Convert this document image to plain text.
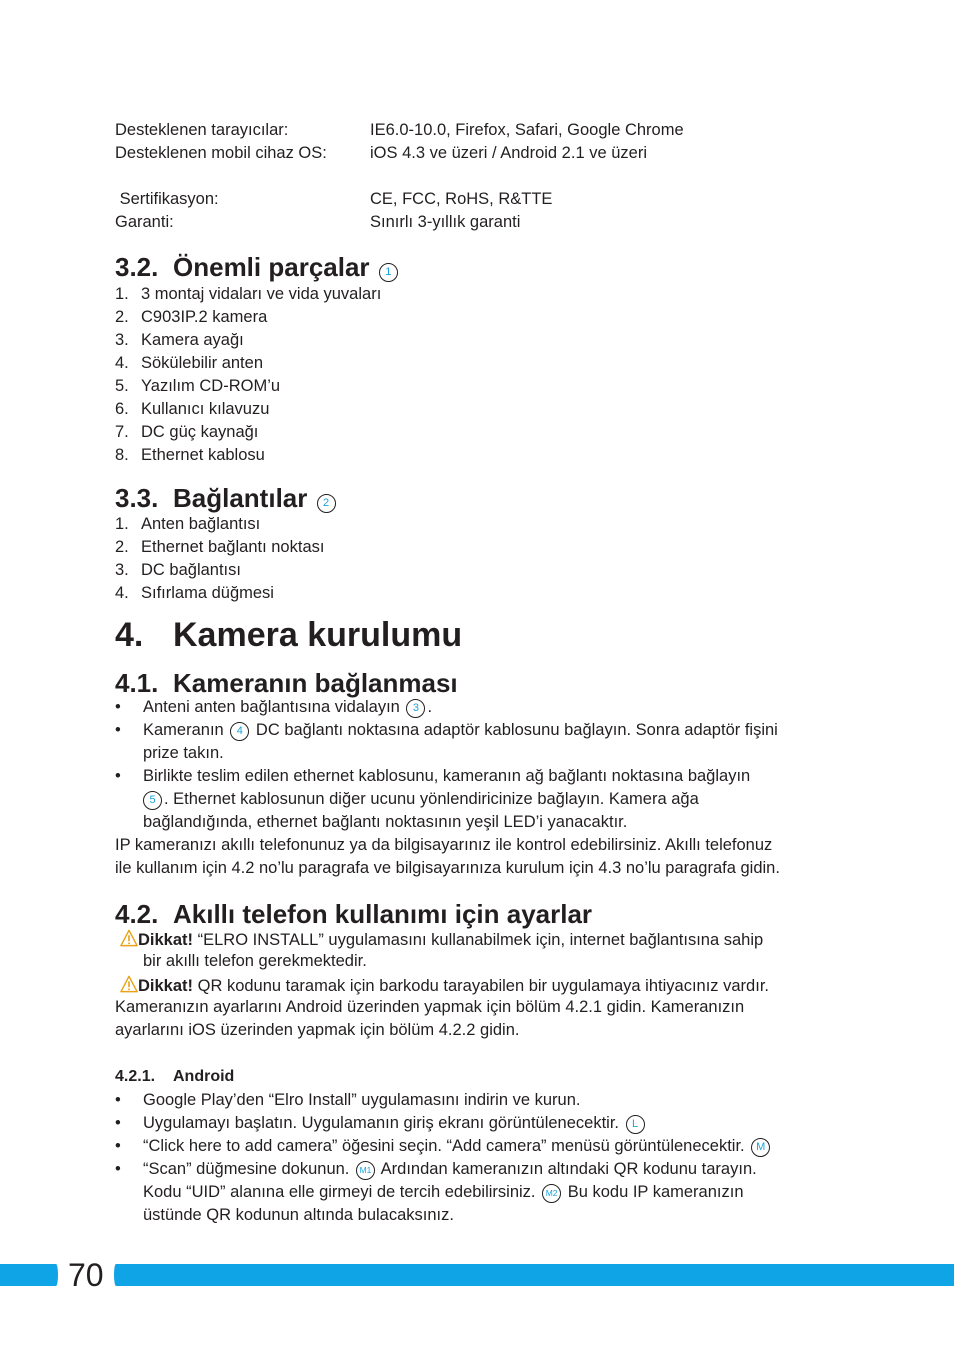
Desteklenen tarayıcılar:	IE6.0-10.0, Firefox, Safari, Google Chrome
Desteklenen mobil cihaz OS:	iOS 4.3 ve üzeri / Android 2.1 ve üzeri
Sertifikasyon:	CE, FCC, RoHS, R&TTE
Garanti:	Sınırlı 3-yıllık garanti
3.2. Önemli parçalar 1
1. 3 montaj vidaları ve vida yuvaları
2. C903IP.2 kamera
3. Kamera ayağı
4. Sökülebilir anten
5. Yazılım CD-ROM’u
6. Kullanıcı kılavuzu
7. DC güç kaynağı
8. Ethernet kablosu
3.3. Bağlantılar 2
1. Anten bağlantısı
2. Ethernet bağlantı noktası
3. DC bağlantısı
4. Sıfırlama düğmesi
4. Kamera kurulumu
4.1. Kameranın bağlanması
• Anteni anten bağlantısına vidalayın 3 .
• Kameranın 4 DC bağlantı noktasına adaptör kablosunu bağlayın. Sonra adaptör fişini
prize takın.
• Birlikte teslim edilen ethernet kablosunu, kameranın ağ bağlantı noktasına bağlayın
5 . Ethernet kablosunun diğer ucunu yönlendiricinize bağlayın. Kamera ağa
bağlandığında, ethernet bağlantı noktasının yeşil LED’i yanacaktır.
IP kameranızı akıllı telefonunuz ya da bilgisayarınız ile kontrol edebilirsiniz. Akıllı telefonuz
ile kullanım için 4.2 no’lu paragrafa ve bilgisayarınıza kurulum için 4.3 no’lu paragrafa gidin.
4.2. Akıllı telefon kullanımı için ayarlar
Dikkat! “ELRO INSTALL” uygulamasını kullanabilmek için, internet bağlantısına sahip
bir akıllı telefon gerekmektedir.
Dikkat! QR kodunu taramak için barkodu tarayabilen bir uygulamaya ihtiyacınız vardır.
Kameranızın ayarlarını Android üzerinden yapmak için bölüm 4.2.1 gidin. Kameranızın
ayarlarını iOS üzerinden yapmak için bölüm 4.2.2 gidin.
4.2.1. Android
• Google Play’den “Elro Install” uygulamasını indirin ve kurun.
• Uygulamayı başlatın. Uygulamanın giriş ekranı görüntülenecektir. L
• “Click here to add camera” öğesini seçin. “Add camera” menüsü görüntülenecektir. M
• “Scan” düğmesine dokunun. M1 Ardından kameranızın altındaki QR kodunu tarayın.
Kodu “UID” alanına elle girmeyi de tercih edebilirsiniz. M2 Bu kodu IP kameranızın
üstünde QR kodunun altında bulacaksınız.
70
